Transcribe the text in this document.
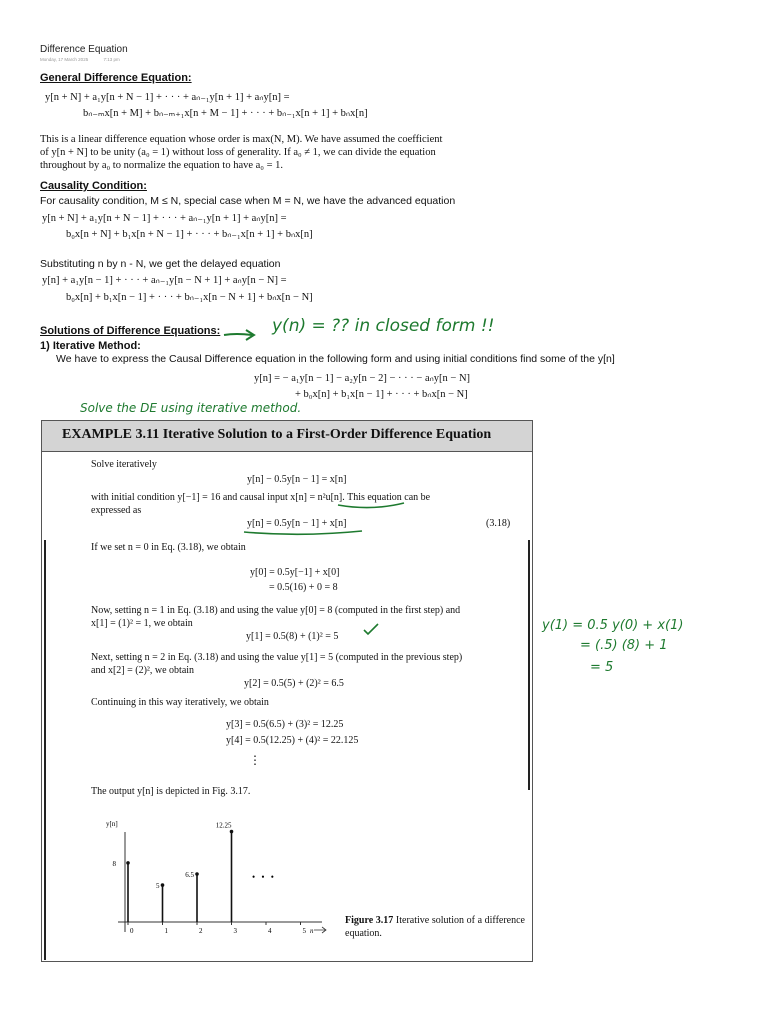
Difference Equation
Monday, 17 March 2025	7:13 pm
General Difference Equation:
y[n + N] + a₁y[n + N − 1] + · · · + aₙ₋₁y[n + 1] + aₙy[n] =
bₙ₋ₘx[n + M] + bₙ₋ₘ₊₁x[n + M − 1] + · · · + bₙ₋₁x[n + 1] + bₙx[n]
This is a linear difference equation whose order is max(N, M). We have assumed the coefficient
of y[n + N] to be unity (a₀ = 1) without loss of generality. If a₀ ≠ 1, we can divide the equation
throughout by a₀ to normalize the equation to have a₀ = 1.
Causality Condition:
For causality condition, M ≤ N, special case when M = N, we have the advanced equation
y[n + N] + a₁y[n + N − 1] + · · · + aₙ₋₁y[n + 1] + aₙy[n] =
b₀x[n + N] + b₁x[n + N − 1] + · · · + bₙ₋₁x[n + 1] + bₙx[n]
Substituting n by n - N, we get the delayed equation
y[n] + a₁y[n − 1] + · · · + aₙ₋₁y[n − N + 1] + aₙy[n − N] =
b₀x[n] + b₁x[n − 1] + · · · + bₙ₋₁x[n − N + 1] + bₙx[n − N]
Solutions of Difference Equations:	y(n) = ?? in closed form !!
1) Iterative Method:
We have to express the Causal Difference equation in the following form and using initial conditions find some of the y[n]
y[n] = − a₁y[n − 1] − a₂y[n − 2] − · · · − aₙy[n − N]
+ b₀x[n] + b₁x[n − 1] + · · · + bₙx[n − N]
Solve the DE using iterative method.
EXAMPLE 3.11 Iterative Solution to a First-Order Difference Equation
Solve iteratively
y[n] − 0.5y[n − 1] = x[n]
with initial condition y[−1] = 16 and causal input x[n] = n²u[n]. This equation can be
expressed as
y[n] = 0.5y[n − 1] + x[n]	(3.18)
If we set n = 0 in Eq. (3.18), we obtain
y[0] = 0.5y[−1] + x[0]
= 0.5(16) + 0 = 8
Now, setting n = 1 in Eq. (3.18) and using the value y[0] = 8 (computed in the first step) and
x[1] = (1)² = 1, we obtain
y[1] = 0.5(8) + (1)² = 5
Next, setting n = 2 in Eq. (3.18) and using the value y[1] = 5 (computed in the previous step)
and x[2] = (2)², we obtain
y[2] = 0.5(5) + (2)² = 6.5
Continuing in this way iteratively, we obtain
y[3] = 0.5(6.5) + (3)² = 12.25
y[4] = 0.5(12.25) + (4)² = 22.125
⋮
The output y[n] is depicted in Fig. 3.17.
y(1) = 0.5 y(0) + x(1)
= (.5) (8) + 1
= 5
y[n]
8
5
6.5
12.25
0	1	2	3	4	5 n
• • •
Figure 3.17 Iterative solution of a difference equation.
